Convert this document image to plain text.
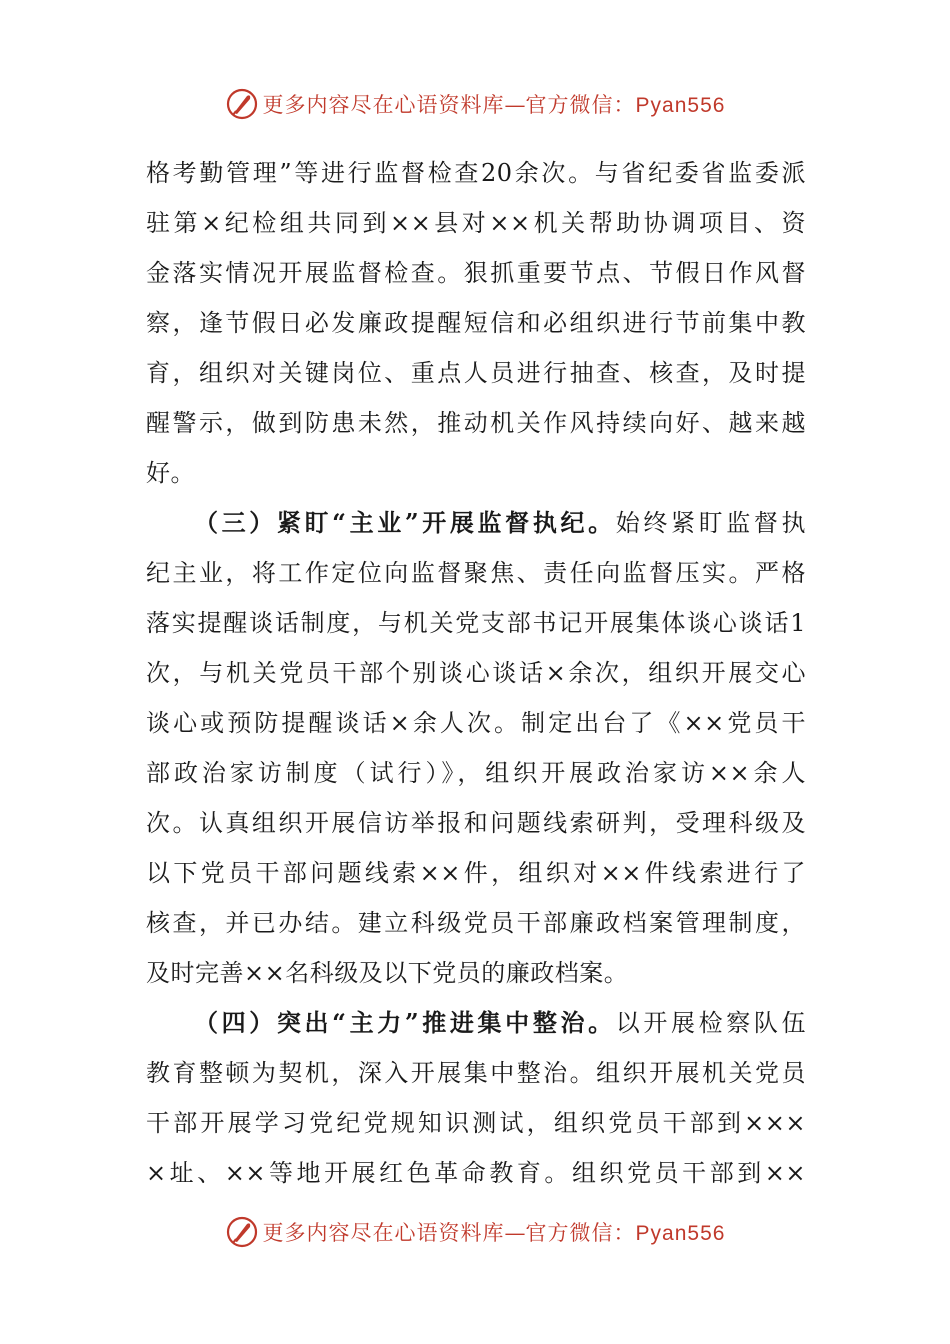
更多内容尽在心语资料库—官方微信：Pyan556
格考勤管理”等进行监督检查20余次。与省纪委省监委派
驻第×纪检组共同到××县对××机关帮助协调项目、资
金落实情况开展监督检查。狠抓重要节点、节假日作风督
察，逢节假日必发廉政提醒短信和必组织进行节前集中教
育，组织对关键岗位、重点人员进行抽查、核查，及时提
醒警示，做到防患未然，推动机关作风持续向好、越来越
好。
（三）紧盯“主业”开展监督执纪。始终紧盯监督执
纪主业，将工作定位向监督聚焦、责任向监督压实。严格
落实提醒谈话制度，与机关党支部书记开展集体谈心谈话1
次，与机关党员干部个别谈心谈话×余次，组织开展交心
谈心或预防提醒谈话×余人次。制定出台了《××党员干
部政治家访制度（试行）》，组织开展政治家访××余人
次。认真组织开展信访举报和问题线索研判，受理科级及
以下党员干部问题线索××件，组织对××件线索进行了
核查，并已办结。建立科级党员干部廉政档案管理制度，
及时完善××名科级及以下党员的廉政档案。
（四）突出“主力”推进集中整治。以开展检察队伍
教育整顿为契机，深入开展集中整治。组织开展机关党员
干部开展学习党纪党规知识测试，组织党员干部到×××
×址、××等地开展红色革命教育。组织党员干部到××
更多内容尽在心语资料库—官方微信：Pyan556
